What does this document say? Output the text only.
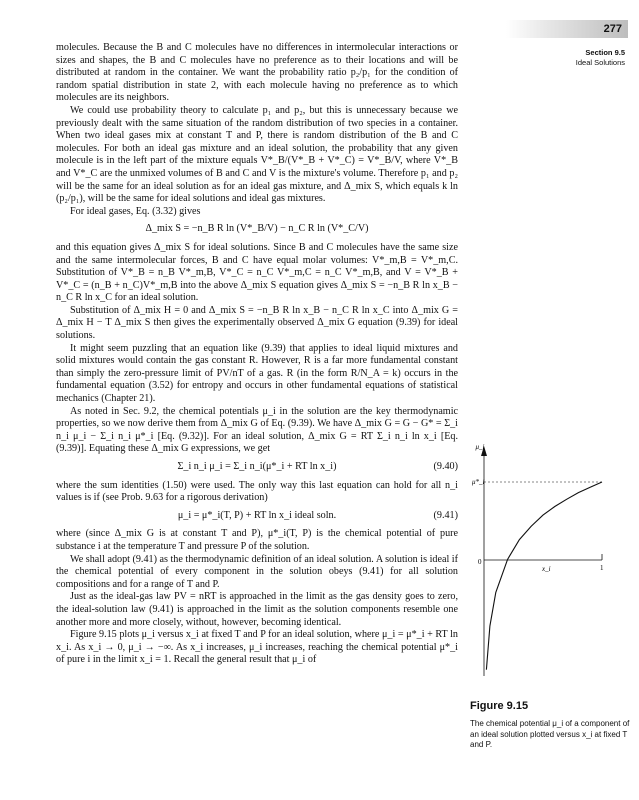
277
Section 9.5
Ideal Solutions

molecules. Because the B and C molecules have no differences in intermolecular interactions or sizes and shapes, the B and C molecules have no preference as to their locations and will be distributed at random in the container. We want the probability ratio p₂/p₁ for the condition of random spatial distribution in state 2, with each molecule having no preference as to which molecules are its neighbors.

We could use probability theory to calculate p₁ and p₂, but this is unnecessary because we previously dealt with the same situation of the random distribution of two species in a container. When two ideal gases mix at constant T and P, there is random distribution of the B and C molecules. For both an ideal gas mixture and an ideal solution, the probability that any given molecule is in the left part of the mixture equals V*_B/(V*_B + V*_C) = V*_B/V, where V*_B and V*_C are the unmixed volumes of B and C and V is the mixture's volume. Therefore p₁ and p₂ will be the same for an ideal solution as for an ideal gas mixture, and Δ_mix S, which equals k ln (p₂/p₁), will be the same for ideal solutions and ideal gas mixtures.

For ideal gases, Eq. (3.32) gives

Δ_mix S = −n_B R ln (V*_B/V) − n_C R ln (V*_C/V)

and this equation gives Δ_mix S for ideal solutions. Since B and C molecules have the same size and the same intermolecular forces, B and C have equal molar volumes: V*_m,B = V*_m,C. Substitution of V*_B = n_B V*_m,B, V*_C = n_C V*_m,C = n_C V*_m,B, and V = V*_B + V*_C = (n_B + n_C)V*_m,B into the above Δ_mix S equation gives Δ_mix S = −n_B R ln x_B − n_C R ln x_C for an ideal solution.

Substitution of Δ_mix H = 0 and Δ_mix S = −n_B R ln x_B − n_C R ln x_C into Δ_mix G = Δ_mix H − T Δ_mix S then gives the experimentally observed Δ_mix G equation (9.39) for ideal solutions.

It might seem puzzling that an equation like (9.39) that applies to ideal liquid mixtures and solid mixtures would contain the gas constant R. However, R is a far more fundamental constant than simply the zero-pressure limit of PV/nT of a gas. R (in the form R/N_A = k) occurs in the fundamental equation (3.52) for entropy and occurs in other fundamental equations of statistical mechanics (Chapter 21).

As noted in Sec. 9.2, the chemical potentials μ_i in the solution are the key thermodynamic properties, so we now derive them from Δ_mix G of Eq. (9.39). We have Δ_mix G = G − G* = Σ_i n_i μ_i − Σ_i n_i μ*_i [Eq. (9.32)]. For an ideal solution, Δ_mix G = RT Σ_i n_i ln x_i [Eq. (9.39)]. Equating these Δ_mix G expressions, we get

Σ_i n_i μ_i = Σ_i n_i(μ*_i + RT ln x_i)	(9.40)

where the sum identities (1.50) were used. The only way this last equation can hold for all n_i values is if (see Prob. 9.63 for a rigorous derivation)

μ_i = μ*_i(T, P) + RT ln x_i ideal soln.	(9.41)

where (since Δ_mix G is at constant T and P), μ*_i(T, P) is the chemical potential of pure substance i at the temperature T and pressure P of the solution.

We shall adopt (9.41) as the thermodynamic definition of an ideal solution. A solution is ideal if the chemical potential of every component in the solution obeys (9.41) for all solution compositions and for a range of T and P.

Just as the ideal-gas law PV = nRT is approached in the limit as the gas density goes to zero, the ideal-solution law (9.41) is approached in the limit as the solution components resemble one another more and more closely, without, however, becoming identical.

Figure 9.15 plots μ_i versus x_i at fixed T and P for an ideal solution, where μ_i = μ*_i + RT ln x_i. As x_i → 0, μ_i → −∞. As x_i increases, μ_i increases, reaching the chemical potential μ*_i of pure i in the limit x_i = 1. Recall the general result that μ_i of

μ_i
μ*_i
0
1
x_i
Figure 9.15
The chemical potential μ_i of a component of an ideal solution plotted versus x_i at fixed T and P.
